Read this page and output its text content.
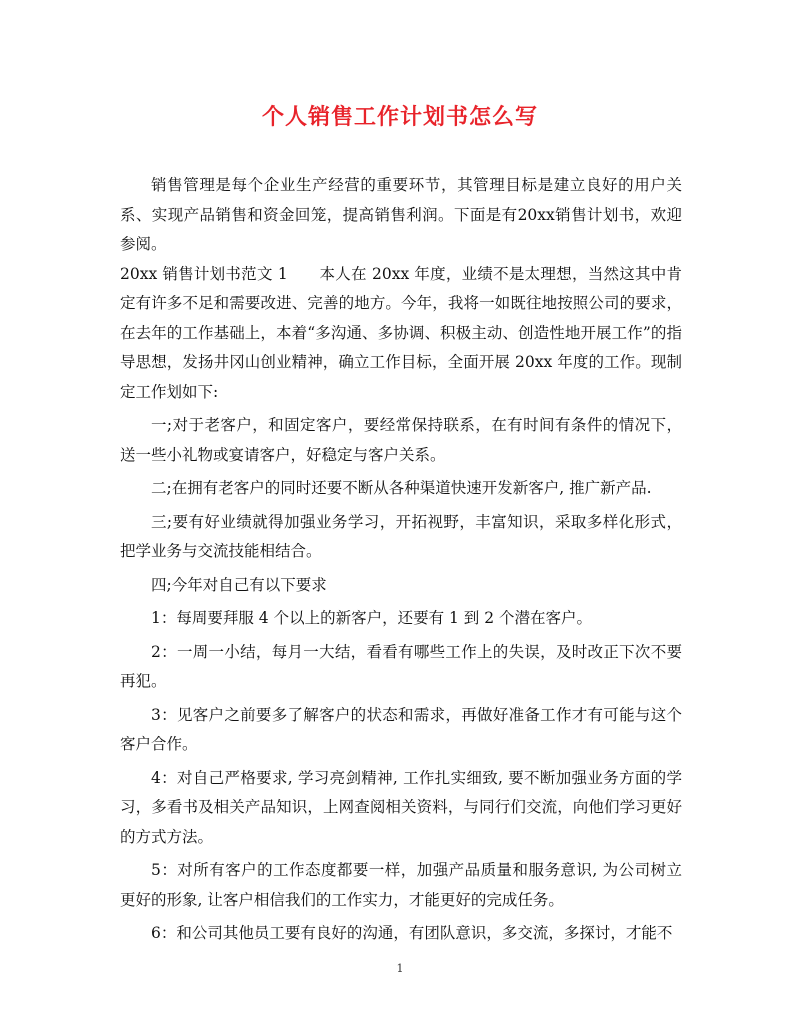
个人销售工作计划书怎么写

销售管理是每个企业生产经营的重要环节，其管理目标是建立良好的用户关系、实现产品销售和资金回笼，提高销售利润。下面是有20xx销售计划书，欢迎参阅。

20xx 销售计划书范文 1　　本人在 20xx 年度，业绩不是太理想，当然这其中肯定有许多不足和需要改进、完善的地方。今年，我将一如既往地按照公司的要求，在去年的工作基础上，本着“多沟通、多协调、积极主动、创造性地开展工作”的指导思想，发扬井冈山创业精神，确立工作目标，全面开展 20xx 年度的工作。现制定工作划如下:

一;对于老客户，和固定客户，要经常保持联系，在有时间有条件的情况下，送一些小礼物或宴请客户，好稳定与客户关系。

二;在拥有老客户的同时还要不断从各种渠道快速开发新客户, 推广新产品.

三;要有好业绩就得加强业务学习，开拓视野，丰富知识，采取多样化形式，把学业务与交流技能相结合。

四;今年对自己有以下要求

1：每周要拜服 4 个以上的新客户，还要有 1 到 2 个潜在客户。

2：一周一小结，每月一大结，看看有哪些工作上的失误，及时改正下次不要再犯。

3：见客户之前要多了解客户的状态和需求，再做好准备工作才有可能与这个客户合作。

4：对自己严格要求, 学习亮剑精神, 工作扎实细致, 要不断加强业务方面的学习，多看书及相关产品知识，上网查阅相关资料，与同行们交流，向他们学习更好的方式方法。

5：对所有客户的工作态度都要一样，加强产品质量和服务意识, 为公司树立更好的形象, 让客户相信我们的工作实力，才能更好的完成任务。

6：和公司其他员工要有良好的沟通，有团队意识，多交流，多探讨，才能不

1
